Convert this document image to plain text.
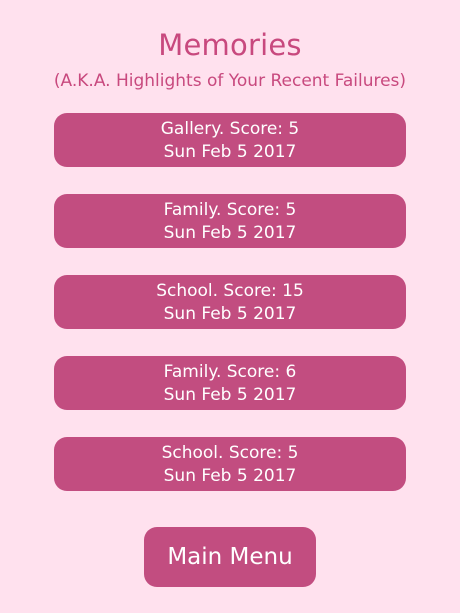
Memories
(A.K.A. Highlights of Your Recent Failures)
Gallery. Score: 5
Sun Feb 5 2017
Family. Score: 5
Sun Feb 5 2017
School. Score: 15
Sun Feb 5 2017
Family. Score: 6
Sun Feb 5 2017
School. Score: 5
Sun Feb 5 2017
Main Menu
